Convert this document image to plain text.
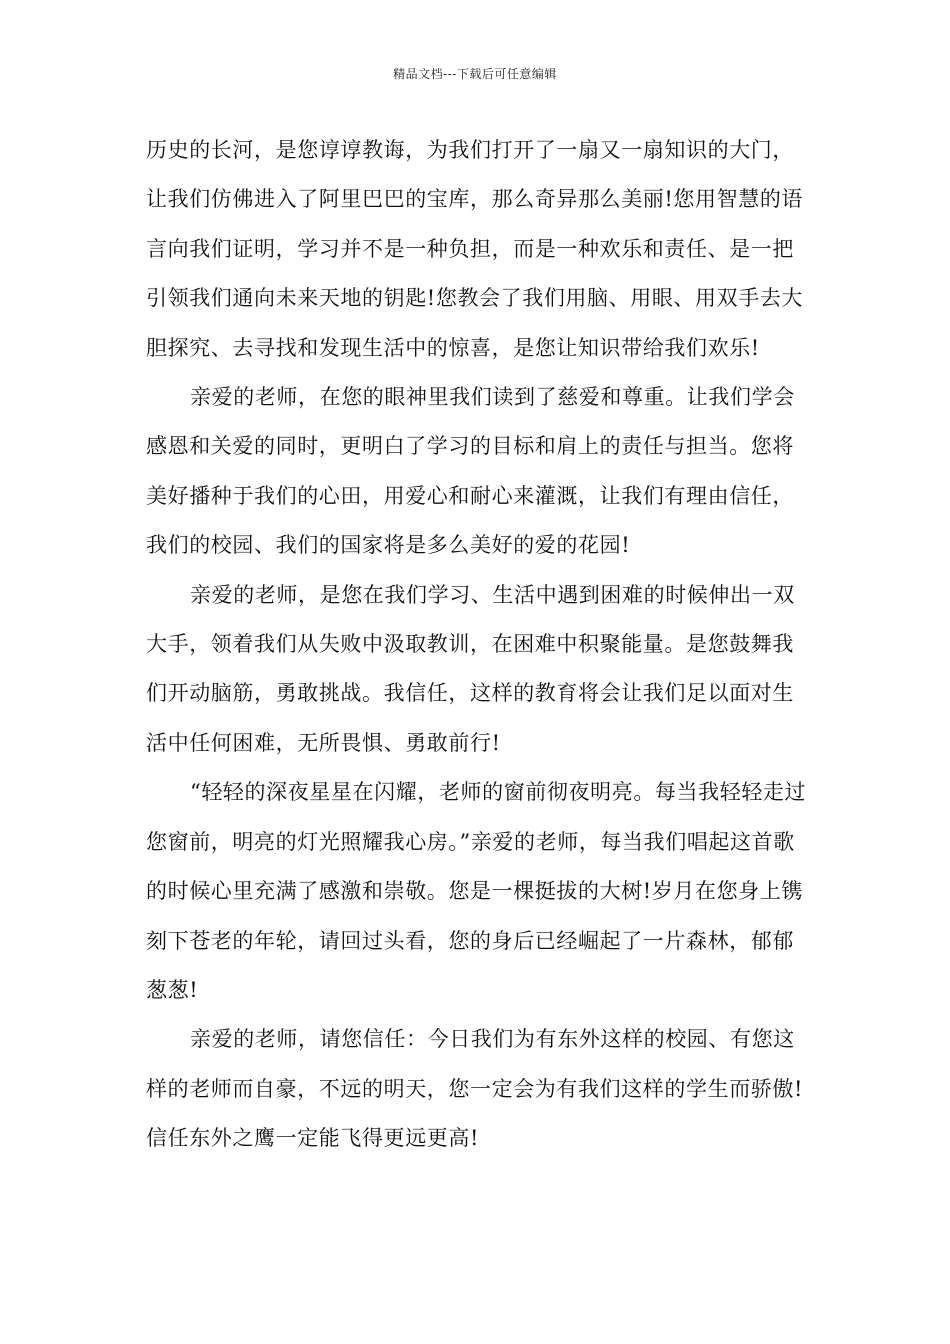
精品文档---下载后可任意编辑

历史的长河，是您谆谆教诲，为我们打开了一扇又一扇知识的大门，让我们仿佛进入了阿里巴巴的宝库，那么奇异那么美丽!您用智慧的语言向我们证明，学习并不是一种负担，而是一种欢乐和责任、是一把引领我们通向未来天地的钥匙!您教会了我们用脑、用眼、用双手去大胆探究、去寻找和发现生活中的惊喜，是您让知识带给我们欢乐!

亲爱的老师，在您的眼神里我们读到了慈爱和尊重。让我们学会感恩和关爱的同时，更明白了学习的目标和肩上的责任与担当。您将美好播种于我们的心田，用爱心和耐心来灌溉，让我们有理由信任，我们的校园、我们的国家将是多么美好的爱的花园!

亲爱的老师，是您在我们学习、生活中遇到困难的时候伸出一双大手，领着我们从失败中汲取教训，在困难中积聚能量。是您鼓舞我们开动脑筋，勇敢挑战。我信任，这样的教育将会让我们足以面对生活中任何困难，无所畏惧、勇敢前行!

“轻轻的深夜星星在闪耀，老师的窗前彻夜明亮。每当我轻轻走过您窗前，明亮的灯光照耀我心房。”亲爱的老师，每当我们唱起这首歌的时候心里充满了感激和崇敬。您是一棵挺拔的大树!岁月在您身上镌刻下苍老的年轮，请回过头看，您的身后已经崛起了一片森林，郁郁葱葱!

亲爱的老师，请您信任：今日我们为有东外这样的校园、有您这样的老师而自豪，不远的明天，您一定会为有我们这样的学生而骄傲!信任东外之鹰一定能飞得更远更高!
